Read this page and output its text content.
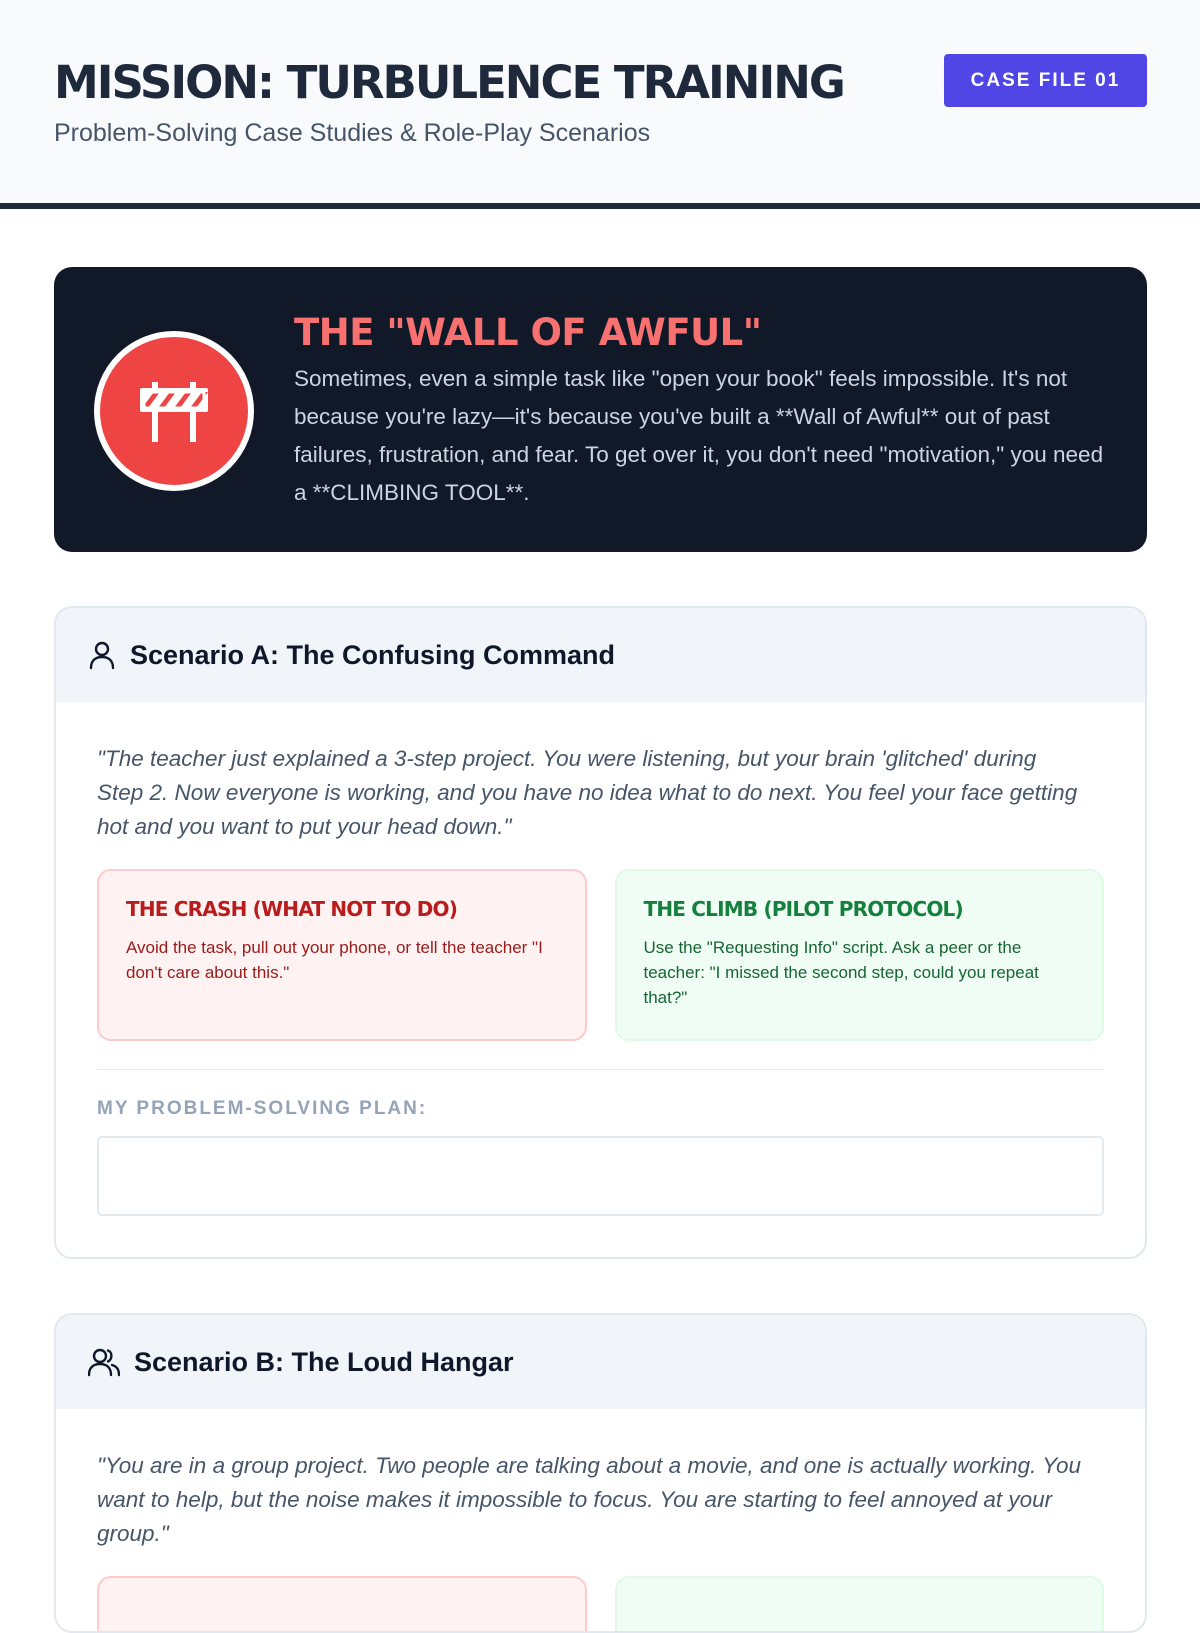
MISSION: TURBULENCE TRAINING
Problem-Solving Case Studies & Role-Play Scenarios
CASE FILE 01
THE "WALL OF AWFUL"

Sometimes, even a simple task like "open your book" feels impossible. It's not because you're lazy—it's because you've built a **Wall of Awful** out of past failures, frustration, and fear. To get over it, you don't need "motivation," you need a **CLIMBING TOOL**.

Scenario A: The Confusing Command

"The teacher just explained a 3-step project. You were listening, but your brain 'glitched' during Step 2. Now everyone is working, and you have no idea what to do next. You feel your face getting hot and you want to put your head down."

THE CRASH (WHAT NOT TO DO)
Avoid the task, pull out your phone, or tell the teacher "I don't care about this."
THE CLIMB (PILOT PROTOCOL)
Use the "Requesting Info" script. Ask a peer or the teacher: "I missed the second step, could you repeat that?"
MY PROBLEM-SOLVING PLAN:
Scenario B: The Loud Hangar

"You are in a group project. Two people are talking about a movie, and one is actually working. You want to help, but the noise makes it impossible to focus. You are starting to feel annoyed at your group."
